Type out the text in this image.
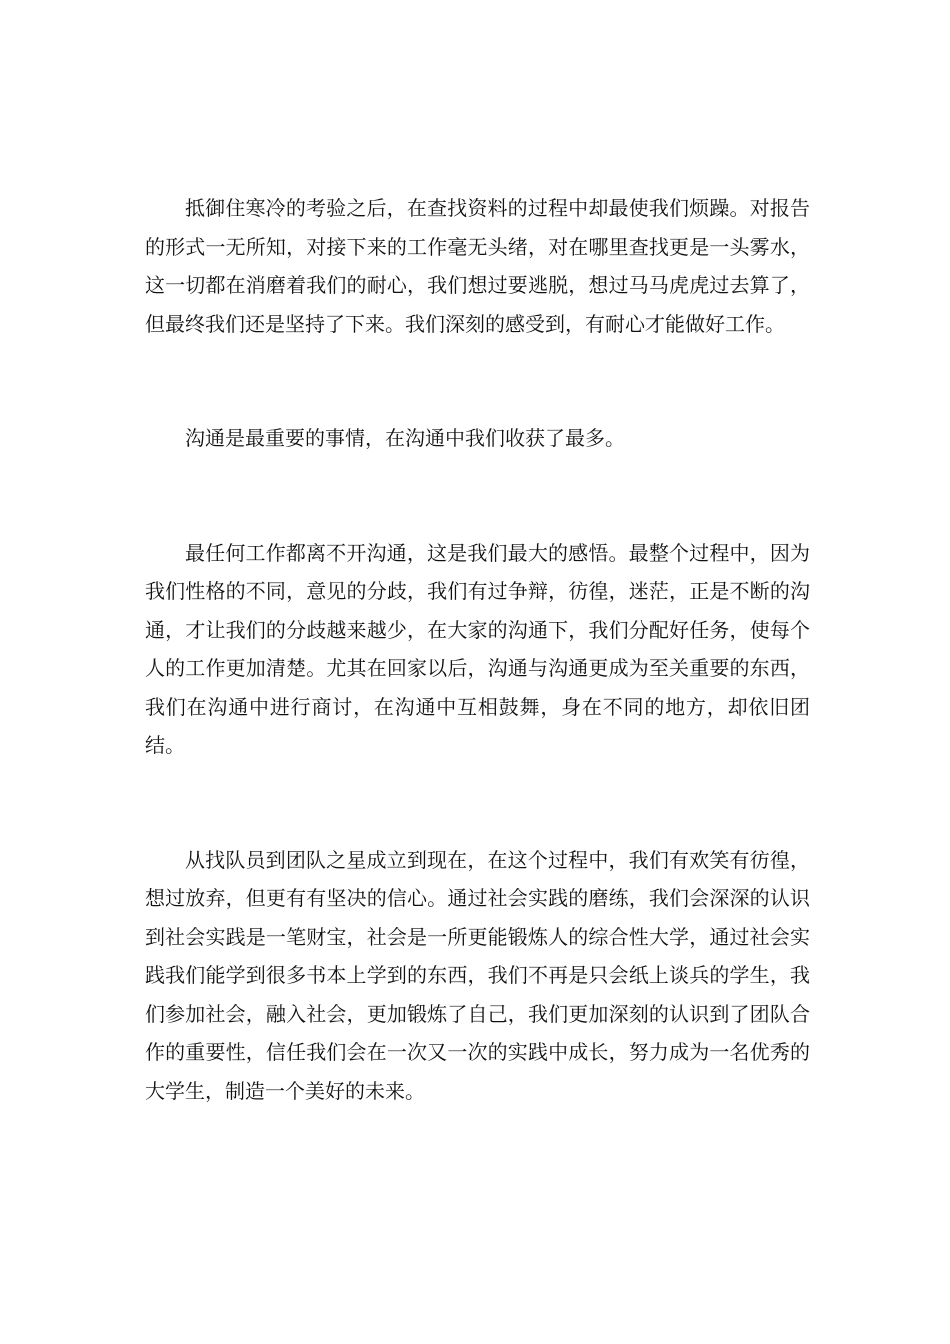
抵御住寒冷的考验之后，在查找资料的过程中却最使我们烦躁。对报告的形式一无所知，对接下来的工作毫无头绪，对在哪里查找更是一头雾水，这一切都在消磨着我们的耐心，我们想过要逃脱，想过马马虎虎过去算了，但最终我们还是坚持了下来。我们深刻的感受到，有耐心才能做好工作。

沟通是最重要的事情，在沟通中我们收获了最多。

最任何工作都离不开沟通，这是我们最大的感悟。最整个过程中，因为我们性格的不同，意见的分歧，我们有过争辩，彷徨，迷茫，正是不断的沟通，才让我们的分歧越来越少，在大家的沟通下，我们分配好任务，使每个人的工作更加清楚。尤其在回家以后，沟通与沟通更成为至关重要的东西，我们在沟通中进行商讨，在沟通中互相鼓舞，身在不同的地方，却依旧团结。

从找队员到团队之星成立到现在，在这个过程中，我们有欢笑有彷徨，想过放弃，但更有有坚决的信心。通过社会实践的磨练，我们会深深的认识到社会实践是一笔财宝，社会是一所更能锻炼人的综合性大学，通过社会实践我们能学到很多书本上学到的东西，我们不再是只会纸上谈兵的学生，我们参加社会，融入社会，更加锻炼了自己，我们更加深刻的认识到了团队合作的重要性，信任我们会在一次又一次的实践中成长，努力成为一名优秀的大学生，制造一个美好的未来。
